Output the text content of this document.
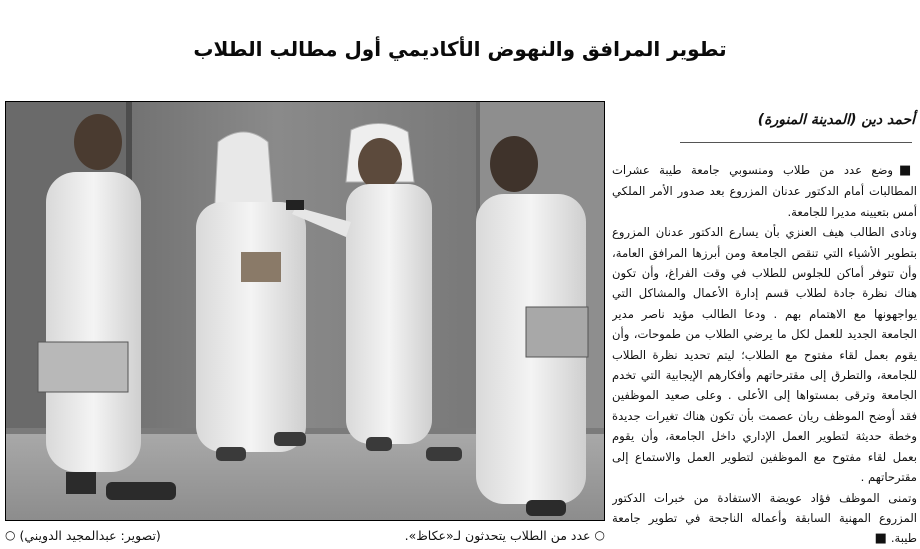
تطوير المرافق والنهوض الأكاديمي أول مطالب الطلاب
○
عدد من الطلاب يتحدثون لـ«عكاظ».
(تصوير: عبدالمجيد الدويني)
○
أحمد دين (المدينة المنورة)

■وضع عدد من طلاب ومنسوبي جامعة طيبة عشرات المطالبات أمام الدكتور عدنان المزروع بعد صدور الأمر الملكي أمس بتعيينه مديرا للجامعة.

ونادى الطالب هيف العنزي بأن يسارع الدكتور عدنان المزروع بتطوير الأشياء التي تنقص الجامعة ومن أبرزها المرافق العامة، وأن تتوفر أماكن للجلوس للطلاب في وقت الفراغ، وأن تكون هناك نظرة جادة لطلاب قسم إدارة الأعمال والمشاكل التي يواجهونها مع الاهتمام بهم . ودعا الطالب مؤيد ناصر مدير الجامعة الجديد للعمل لكل ما يرضي الطلاب من طموحات، وأن يقوم بعمل لقاء مفتوح مع الطلاب؛ ليتم تحديد نظرة الطلاب للجامعة، والتطرق إلى مقترحاتهم وأفكارهم الإيجابية التي تخدم الجامعة وترقى بمستواها إلى الأعلى . وعلى صعيد الموظفين فقد أوضح الموظف ريان عصمت بأن تكون هناك تغيرات جديدة وخطة حديثة لتطوير العمل الإداري داخل الجامعة، وأن يقوم بعمل لقاء مفتوح مع الموظفين لتطوير العمل والاستماع إلى مقترحاتهم .

وتمنى الموظف فؤاد عويضة الاستفادة من خبرات الدكتور المزروع المهنية السابقة وأعماله الناجحة في تطوير جامعة طيبة.■
